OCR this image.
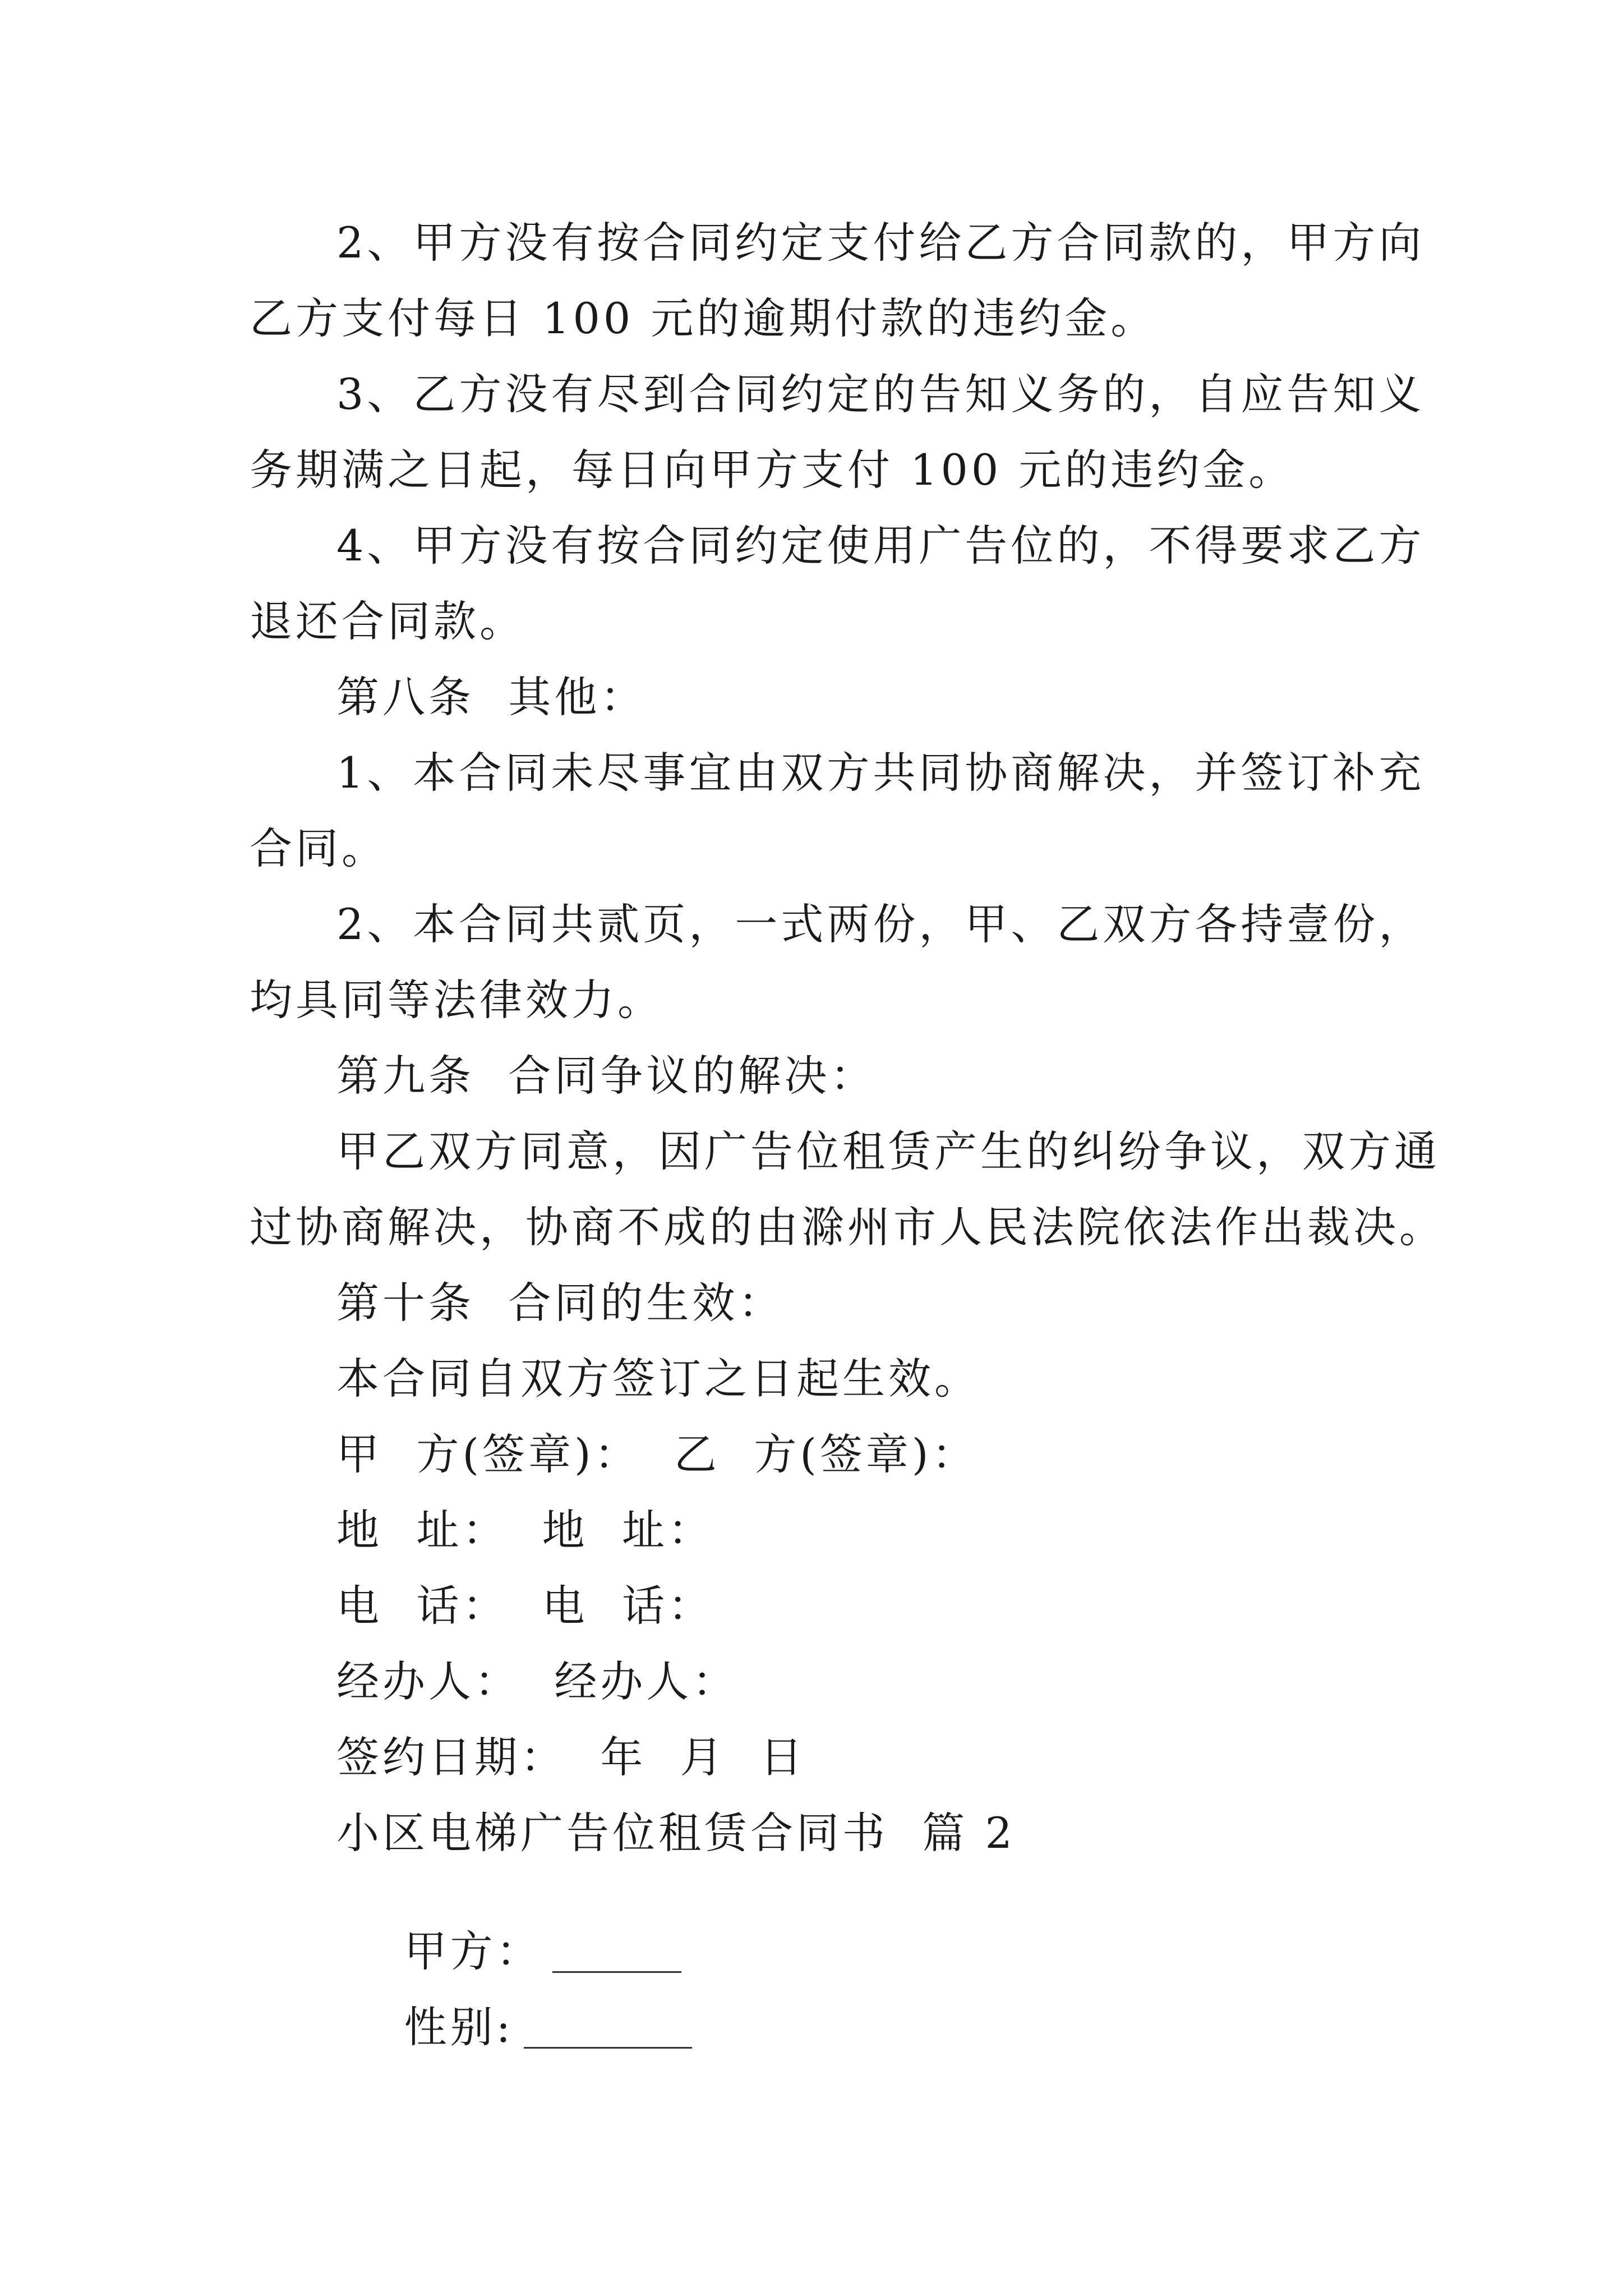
2、甲方没有按合同约定支付给乙方合同款的，甲方向
乙方支付每日 100 元的逾期付款的违约金。
3、乙方没有尽到合同约定的告知义务的，自应告知义
务期满之日起，每日向甲方支付 100 元的违约金。
4、甲方没有按合同约定使用广告位的，不得要求乙方
退还合同款。
第八条  其他：
1、本合同未尽事宜由双方共同协商解决，并签订补充
合同。
2、本合同共贰页，一式两份，甲、乙双方各持壹份，
均具同等法律效力。
第九条  合同争议的解决：
甲乙双方同意，因广告位租赁产生的纠纷争议，双方通
过协商解决，协商不成的由滁州市人民法院依法作出裁决。
第十条  合同的生效：
本合同自双方签订之日起生效。
甲  方(签章)：  乙  方(签章)：
地  址：  地  址：
电  话：  电  话：
经办人：  经办人：
签约日期：  年  月  日
小区电梯广告位租赁合同书  篇 2

甲方：

性别:
